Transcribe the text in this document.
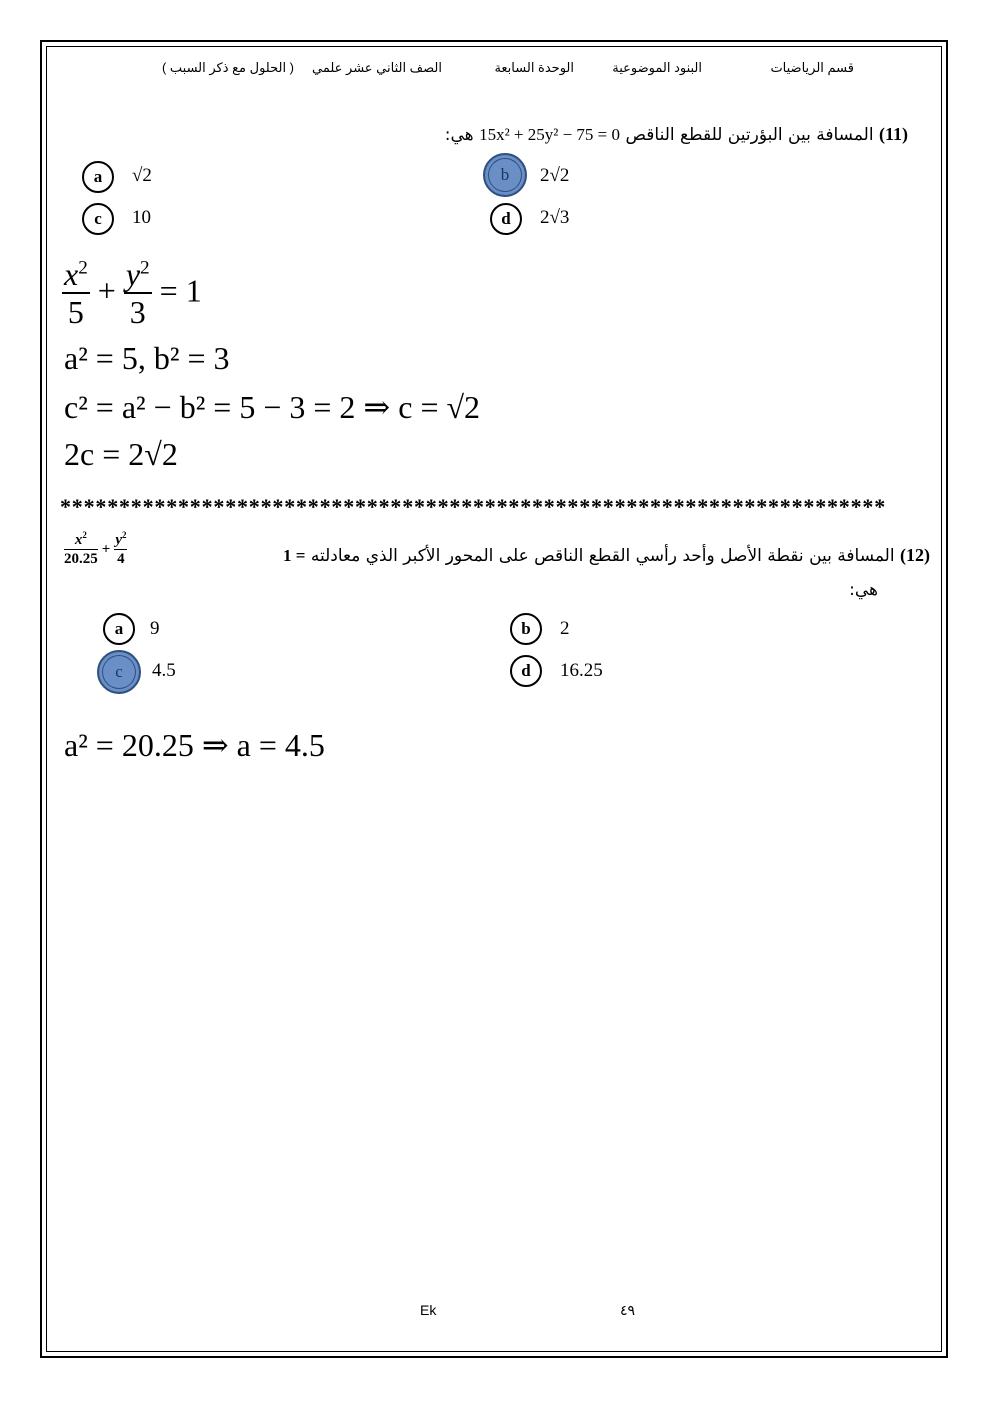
قسم الرياضيات
البنود الموضوعية
الوحدة السابعة
الصف الثاني عشر علمي
( الحلول مع ذكر السبب )
(11) المسافة بين البؤرتين للقطع الناقص 15x² + 25y² − 75 = 0 هي:
a √2	b 2√2
c 10	d 2√3
$\frac{x^2}{5} + \frac{y^2}{3} = 1$
a² = 5, b² = 3
c² = a² − b² = 5 − 3 = 2 ⇒ c = √2
2c = 2√2
**********************************************************************
(12) المسافة بين نقطة الأصل وأحد رأسي القطع الناقص على المحور الأكبر الذي معادلته 1 =
$\frac{x^2}{20.25} + \frac{y^2}{4}$
هي:
a 9	b 2
c 4.5	d 16.25
a² = 20.25 ⇒ a = 4.5
Ek	٤٩
